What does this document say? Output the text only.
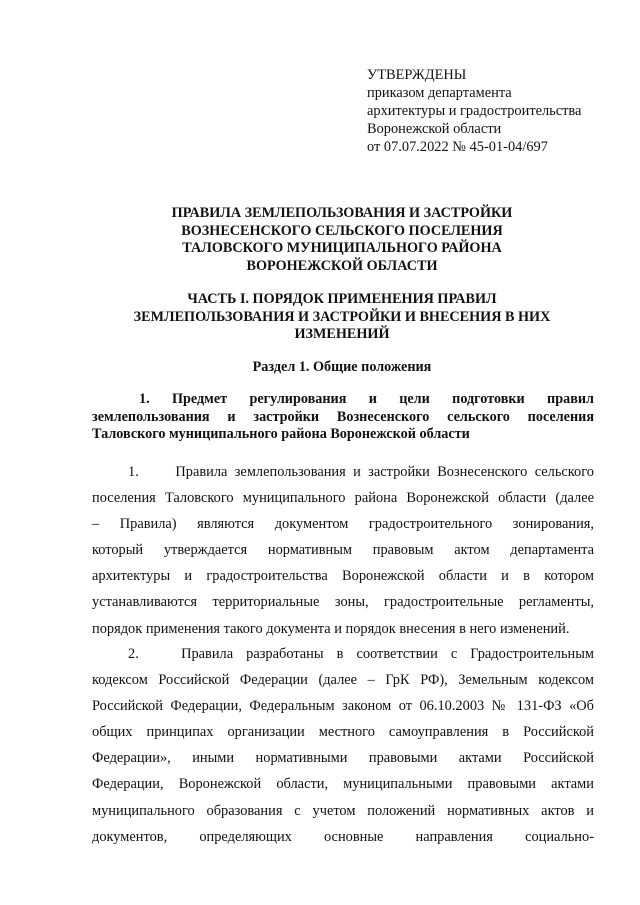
УТВЕРЖДЕНЫ
приказом департамента
архитектуры и градостроительства
Воронежской области
от 07.07.2022 № 45-01-04/697
ПРАВИЛА ЗЕМЛЕПОЛЬЗОВАНИЯ И ЗАСТРОЙКИ
ВОЗНЕСЕНСКОГО СЕЛЬСКОГО ПОСЕЛЕНИЯ
ТАЛОВСКОГО МУНИЦИПАЛЬНОГО РАЙОНА
ВОРОНЕЖСКОЙ ОБЛАСТИ
ЧАСТЬ I. ПОРЯДОК ПРИМЕНЕНИЯ ПРАВИЛ
ЗЕМЛЕПОЛЬЗОВАНИЯ И ЗАСТРОЙКИ И ВНЕСЕНИЯ В НИХ
ИЗМЕНЕНИЙ
Раздел 1. Общие положения
1. Предмет регулирования и цели подготовки правил
землепользования и застройки Вознесенского сельского поселения
Таловского муниципального района Воронежской области
1.	Правила землепользования и застройки Вознесенского сельского
поселения Таловского муниципального района Воронежской области (далее
– Правила) являются документом градостроительного зонирования,
который утверждается нормативным правовым актом департамента
архитектуры и градостроительства Воронежской области и в котором
устанавливаются территориальные зоны, градостроительные регламенты,
порядок применения такого документа и порядок внесения в него изменений.
2.	Правила разработаны в соответствии с Градостроительным
кодексом Российской Федерации (далее – ГрК РФ), Земельным кодексом
Российской Федерации, Федеральным законом от 06.10.2003 № 131-ФЗ «Об
общих принципах организации местного самоуправления в Российской
Федерации», иными нормативными правовыми актами Российской
Федерации, Воронежской области, муниципальными правовыми актами
муниципального образования с учетом положений нормативных актов и
документов, определяющих основные направления социально-
